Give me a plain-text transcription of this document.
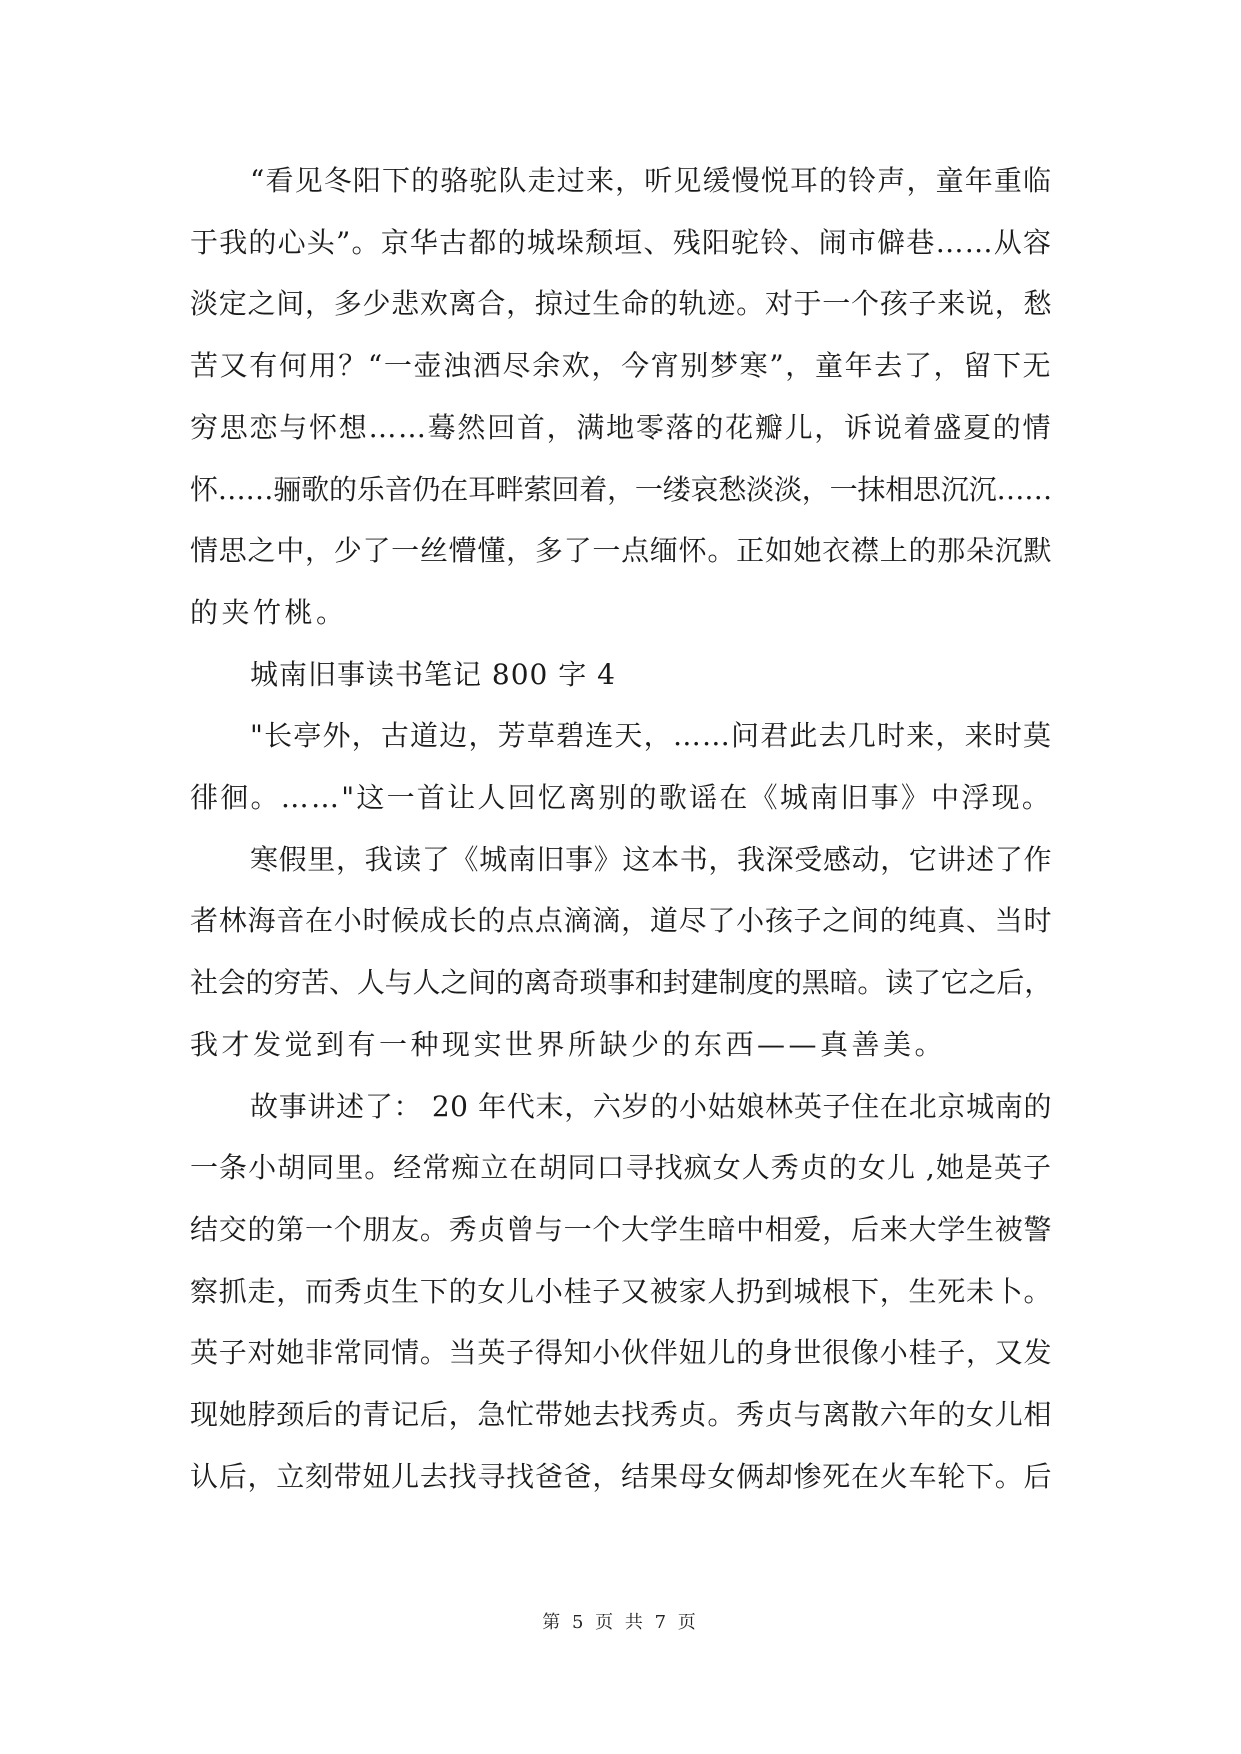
“看见冬阳下的骆驼队走过来，听见缓慢悦耳的铃声，童年重临
于我的心头”。京华古都的城垛颓垣、残阳驼铃、闹市僻巷……从容
淡定之间，多少悲欢离合，掠过生命的轨迹。对于一个孩子来说，愁
苦又有何用？“一壶浊洒尽余欢，今宵别梦寒”，童年去了，留下无
穷思恋与怀想……蓦然回首，满地零落的花瓣儿，诉说着盛夏的情
怀……骊歌的乐音仍在耳畔萦回着，一缕哀愁淡淡，一抹相思沉沉……
情思之中，少了一丝懵懂，多了一点缅怀。正如她衣襟上的那朵沉默
的夹竹桃。

城南旧事读书笔记 800 字 4

"长亭外，古道边，芳草碧连天，……问君此去几时来，来时莫
徘徊。……"这一首让人回忆离别的歌谣在《城南旧事》中浮现。

寒假里，我读了《城南旧事》这本书，我深受感动，它讲述了作
者林海音在小时候成长的点点滴滴，道尽了小孩子之间的纯真、当时
社会的穷苦、人与人之间的离奇琐事和封建制度的黑暗。读了它之后，
我才发觉到有一种现实世界所缺少的东西——真善美。

故事讲述了： 20 年代末，六岁的小姑娘林英子住在北京城南的
一条小胡同里。经常痴立在胡同口寻找疯女人秀贞的女儿 ,她是英子
结交的第一个朋友。秀贞曾与一个大学生暗中相爱，后来大学生被警
察抓走，而秀贞生下的女儿小桂子又被家人扔到城根下，生死未卜。
英子对她非常同情。当英子得知小伙伴妞儿的身世很像小桂子，又发
现她脖颈后的青记后，急忙带她去找秀贞。秀贞与离散六年的女儿相
认后，立刻带妞儿去找寻找爸爸，结果母女俩却惨死在火车轮下。后

第 5 页 共 7 页
